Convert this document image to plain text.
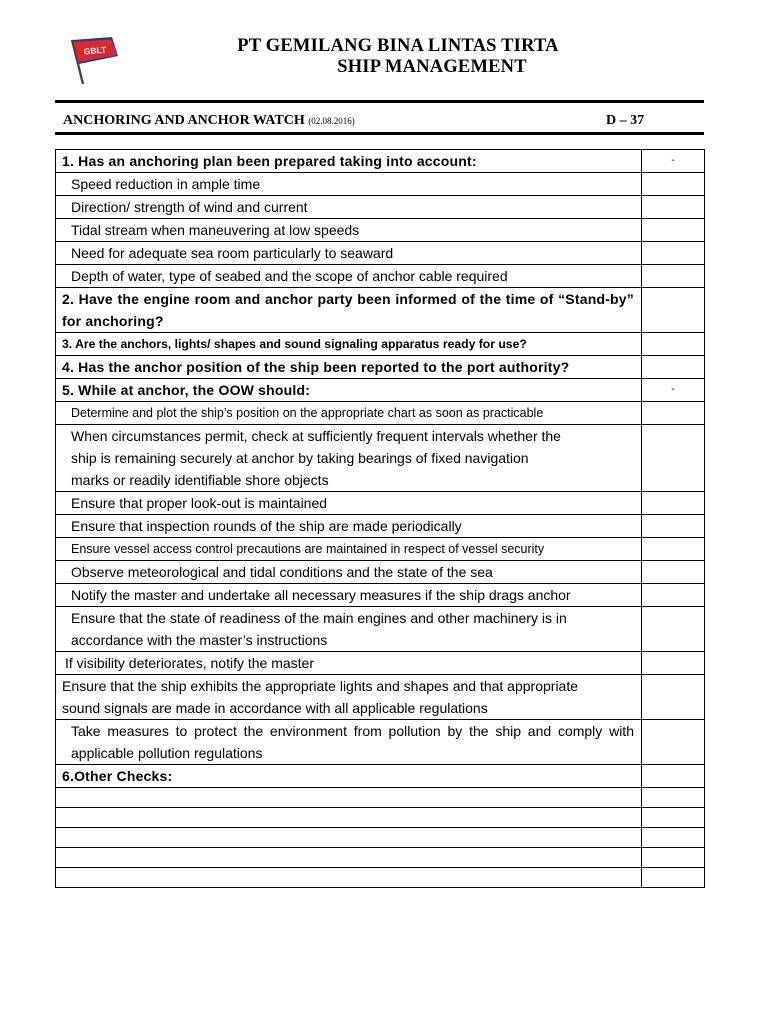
GBLT	PT GEMILANG BINA LINTAS TIRTA
SHIP MANAGEMENT
ANCHORING AND ANCHOR WATCH (02.08.2016)	D – 37
1. Has an anchoring plan been prepared taking into account:	-

Speed reduction in ample time	

Direction/ strength of wind and current	

Tidal stream when maneuvering at low speeds	

Need for adequate sea room particularly to seaward	

Depth of water, type of seabed and the scope of anchor cable required	

2. Have the engine room and anchor party been informed of the time of “Stand-by” for anchoring?	

3. Are the anchors, lights/ shapes and sound signaling apparatus ready for use?	

4. Has the anchor position of the ship been reported to the port authority?	

5. While at anchor, the OOW should:	-

Determine and plot the ship’s position on the appropriate chart as soon as practicable	

When circumstances permit, check at sufficiently frequent intervals whether the
ship is remaining securely at anchor by taking bearings of fixed navigation
marks or readily identifiable shore objects	

Ensure that proper look-out is maintained	

Ensure that inspection rounds of the ship are made periodically	

Ensure vessel access control precautions are maintained in respect of vessel security	

Observe meteorological and tidal conditions and the state of the sea	

Notify the master and undertake all necessary measures if the ship drags anchor	

Ensure that the state of readiness of the main engines and other machinery is in
accordance with the master’s instructions	

If visibility deteriorates, notify the master	

Ensure that the ship exhibits the appropriate lights and shapes and that appropriate
sound signals are made in accordance with all applicable regulations	

Take measures to protect the environment from pollution by the ship and comply with applicable pollution regulations	

6.Other Checks:	
